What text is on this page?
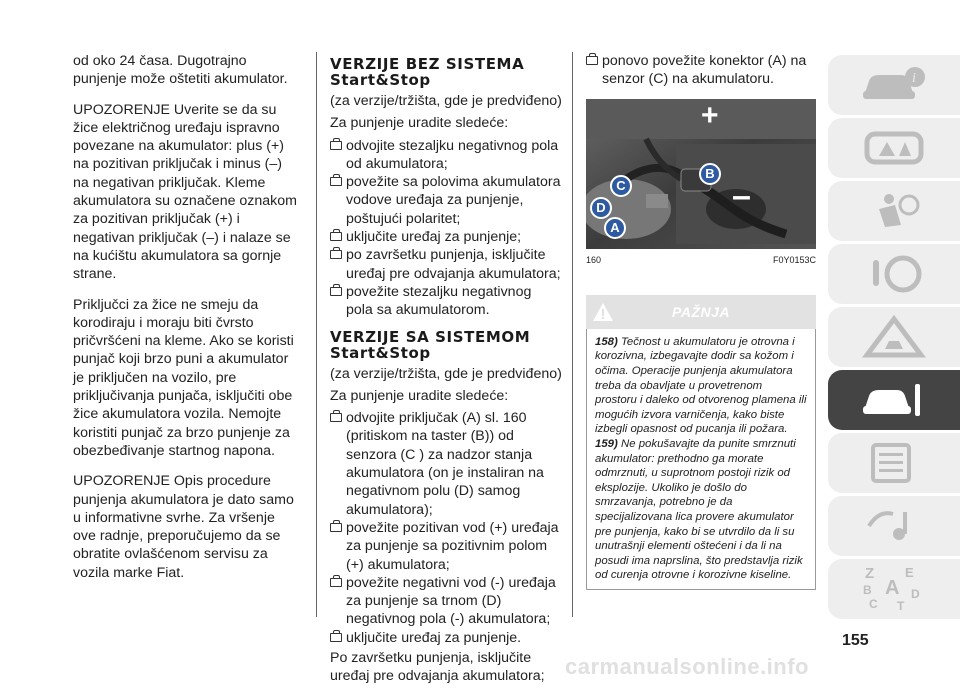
od oko 24 časa. Dugotrajno punjenje može oštetiti akumulator.

UPOZORENJE Uverite se da su žice električnog uređaju ispravno povezane na akumulator: plus (+) na pozitivan priključak i minus (–) na negativan priključak. Kleme akumulatora su označene oznakom za pozitivan priključak (+) i negativan priključak (–) i nalaze se na kućištu akumulatora sa gornje strane.

Priključci za žice ne smeju da korodiraju i moraju biti čvrsto pričvršćeni na kleme. Ako se koristi punjač koji brzo puni a akumulator je priključen na vozilo, pre priključivanja punjača, isključiti obe žice akumulatora vozila. Nemojte koristiti punjač za brzo punjenje za obezbeđivanje startnog napona.

UPOZORENJE Opis procedure punjenja akumulatora je dato samo u informativne svrhe. Za vršenje ove radnje, preporučujemo da se obratite ovlašćenom servisu za vozila marke Fiat.

VERZIJE BEZ SISTEMA
Start&Stop
(za verzije/tržišta, gde je predviđeno)
Za punjenje uradite sledeće:
odvojite stezaljku negativnog pola od akumulatora;
povežite sa polovima akumulatora vodove uređaja za punjenje, poštujući polaritet;
uključite uređaj za punjenje;
po završetku punjenja, isključite uređaj pre odvajanja akumulatora;
povežite stezaljku negativnog pola sa akumulatorom.
VERZIJE SA SISTEMOM
Start&Stop
(za verzije/tržišta, gde je predviđeno)
Za punjenje uradite sledeće:
odvojite priključak (A) sl. 160 (pritiskom na taster (B)) od senzora (C ) za nadzor stanja akumulatora (on je instaliran na negativnom polu (D) samog akumulatora);
povežite pozitivan vod (+) uređaja za punjenje sa pozitivnim polom (+) akumulatora;
povežite negativni vod (-) uređaja za punjenje sa trnom (D) negativnog pola (-) akumulatora;
uključite uređaj za punjenje.
Po završetku punjenja, isključite uređaj pre odvajanja akumulatora;
ponovo povežite konektor (A) na senzor (C) na akumulatoru.
+
–
C
B
D
A
160	F0Y0153C
PAŽNJA

158) Tečnost u akumulatoru je otrovna i korozivna, izbegavajte dodir sa kožom i očima. Operacije punjenja akumulatora treba da obavljate u provetrenom prostoru i daleko od otvorenog plamena ili mogućih izvora varničenja, kako biste izbegli opasnost od pucanja ili požara.

159) Ne pokušavajte da punite smrznuti akumulator: prethodno ga morate odmrznuti, u suprotnom postoji rizik od eksplozije. Ukoliko je došlo do smrzavanja, potrebno je da specijalizovana lica provere akumulator pre punjenja, kako bi se utvrdilo da li su unutrašnji elementi oštećeni i da li na posudi ima naprslina, što predstavlja rizik od curenja otrovne i korozivne kiseline.

i
Z E
B A D
C T
155
carmanualsonline.info
